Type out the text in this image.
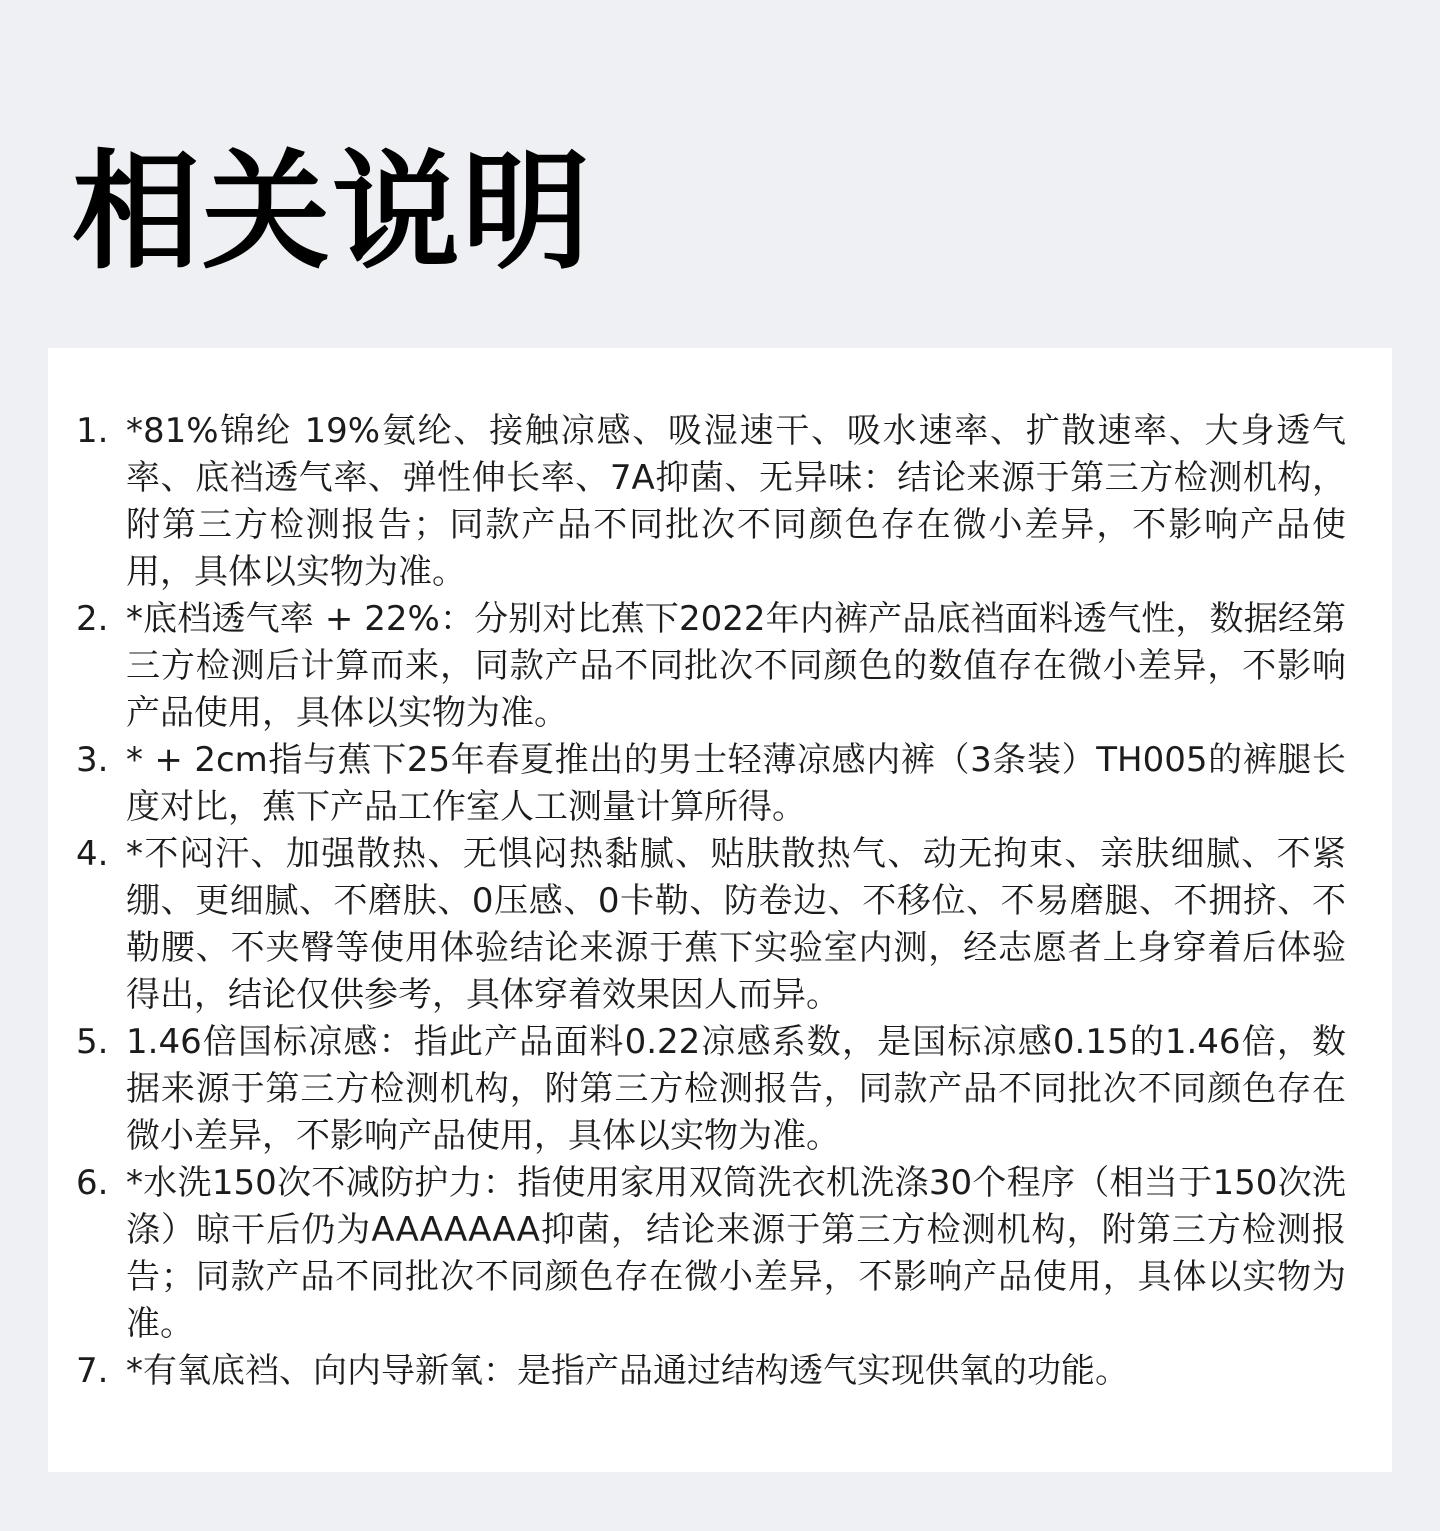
相关说明
1. *81%锦纶 19%氨纶、接触凉感、吸湿速干、吸水速率、扩散速率、大身透气率、底裆透气率、弹性伸长率、7A抑菌、无异味：结论来源于第三方检测机构，附第三方检测报告；同款产品不同批次不同颜色存在微小差异，不影响产品使用，具体以实物为准。
2. *底档透气率 + 22%：分别对比蕉下2022年内裤产品底裆面料透气性，数据经第三方检测后计算而来，同款产品不同批次不同颜色的数值存在微小差异，不影响产品使用，具体以实物为准。
3. * + 2cm指与蕉下25年春夏推出的男士轻薄凉感内裤（3条装）TH005的裤腿长度对比，蕉下产品工作室人工测量计算所得。
4. *不闷汗、加强散热、无惧闷热黏腻、贴肤散热气、动无拘束、亲肤细腻、不紧绷、更细腻、不磨肤、0压感、0卡勒、防卷边、不移位、不易磨腿、不拥挤、不勒腰、不夹臀等使用体验结论来源于蕉下实验室内测，经志愿者上身穿着后体验得出，结论仅供参考，具体穿着效果因人而异。
5. 1.46倍国标凉感：指此产品面料0.22凉感系数，是国标凉感0.15的1.46倍，数据来源于第三方检测机构，附第三方检测报告，同款产品不同批次不同颜色存在微小差异，不影响产品使用，具体以实物为准。
6. *水洗150次不减防护力：指使用家用双筒洗衣机洗涤30个程序（相当于150次洗涤）晾干后仍为AAAAAAA抑菌，结论来源于第三方检测机构，附第三方检测报告；同款产品不同批次不同颜色存在微小差异，不影响产品使用，具体以实物为准。
7. *有氧底裆、向内导新氧：是指产品通过结构透气实现供氧的功能。
